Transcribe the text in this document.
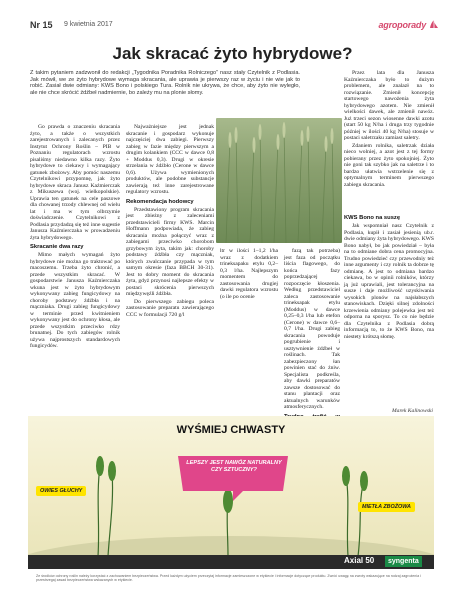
Nr 15 9 kwietnia 2017	agroporady
Jak skracać żyto hybrydowe?

Z takim pytaniem zadzwonił do redakcji „Tygodnika Poradnika Rolniczego” nasz stały Czytelnik z Podlasia. Jak mówił, we ze żyto hybrydowe wymaga skracania, ale uprawia je pierwszy raz w życiu i nie wie jak to robić. Zasiał dwie odmiany: KWS Bono i polskiego Tura. Rolnik nie ukrywa, że chce, aby żyto nie wyległo, ale nie chce skrócić źdźbeł nadmiernie, bo zależy mu na plonie słomy.

Przez lata dla Janusza Kaźmierczaka było to dużym problemem, ale znalazł na to rozwiązanie. Zmienił koncepcję startowego nawożenia żyta hybrydowego azotem. Nie zmienił wielkości dawek, ale zmienił nawóz. Już trzeci sezon wiosenne dawki azotu (start 50 kg N/ha i druga trzy tygodnie później w ilości 40 kg N/ha) stosuje w postaci saletrzaku zamiast saletry.

Zdaniem rolnika, saletrzak działa nieco wolniej, a azot jest z tej formy pobierany przez żyto spokojniej. Żyto nie goni tak szybko jak na saletrze i to bardzo ułatwia wstrzelenie się z optymalnym terminem pierwszego zabiegu skracania.

Go prawda o znaczeniu skracania żyto, a także o wszystkich zarejestrowanych i zalecanych przez Instytut Ochrony Roślin – PIB w Poznaniu regulatorach wzrostu pisaliśmy niedawno kilka razy. Żyto hybrydowe to ciekawy i wymagający gatunek zbożowy. Aby pomóc naszemu Czytelnikowi przypomnę, jak żyto hybrydowe skraca Janusz Kaźmierczak z Mikuszewa (woj. wielkopolskie). Uprawia ten gatunek na cele paszowe dla chowanej trzody chlewnej od wielu lat i ma w tym olbrzymie doświadczenie. Czytelnikowi z Podlasia przydadzą się też inne sugestie Janusza Kaźmierczaka w prowadzeniu żyta hybrydowego.

Skracanie dwa razy

Mimo małych wymagań żyto hybrydowe nie można go traktować po macoszemu. Trzeba żyto chronić, a przede wszystkim skracać. W gospodarstwie Janusza Kaźmierczaka wkuna jest w żyto hybrydowym wykonywany zabieg fungicydowy na choroby podstawy źdźbła i na mączniaka. Drugi zabieg fungicydowy w terminie przed kwitnieniem wykonywany jest do ochrony kłosa, ale przede wszystkim przeciwko rdzy brunatnej. Do tych zabiegów rolnik używa najprostszych standardowych fungicydów.

Najważniejsze jest jednak skracanie i gospodarz wykonuje najczęściej dwa zabiegi. Pierwszy zabieg w fazie między pierwszym a drugim kolankiem (CCC w dawce 0,8 + Moddus 0,3). Drugi w okresie strzelania w źdźbło (Cerone w dawce 0,6). Używa wymienionych produktów, ale podobne substancje zawierają też inne zarejestrowane regulatory wzrostu.

Rekomendacja hodowcy

Przedstawiony program skracania jest zbieżny z zaleceniami przedstawicieli firmy KWS. Marcin Hoffmann podpowiada, że zabieg skracania można połączyć wraz z zabiegami przeciwko chorobom grzybowym żyta, takim jak: choroby podstawy źdźbła czy mączniak, których zwalczanie przypada w tym samym okresie (faza BBCH 30-31). Jest to dobry moment do skracania żyta, gdyż przynosi najlepsze efekty w postaci skrócenia pierwszych międzywęźli źdźbła.

Do pierwszego zabiegu poleca zastosowanie preparatu zawierającego CCC w formulacji 720 g/l

ltr w ilości 1–1,2 l/ha wraz z dodatkiem trineksapaku etylu 0,2–0,3 l/ha. Najlepszym momentem do zastosowania drugiej dawki regulatora wzrostu (o ile po ocenie

fazą tak potrzeba) jest faza od początku liścia flagowego, do końca fazy poprzedzającej rozpoczęcie kłoszenia. Według przedstawiciel zaleca zastosowanie trineksapak etylu (Moddus) w dawce 0,25–0,3 l/ha lub etefon (Cerone) w dawce 0,6–0,7 l/ha. Drugi zabieg skracania powoduje pogrubienie i usztywnienie źdźbeł w roślinach. Tak zabezpieczony łan powinien stać do żniw. Specjalista podkreśla, aby dawki preparatów zawsze dostosować do stanu plantacji oraz aktualnych warunków atmosferycznych.

KWS Bono na suszę

Jak wspomniał nasz Czytelnik z Podlasia, kupił i zasiał jesienią ub.r. dwie odmiany żyta hybrydowego. KWS Bono nabył, bo jak powiedział – była na to odmiane dobra cena promocyjna. Trudno powiedzieć czy przewodniy też inne argumenty i czy rolnik ta dobrze tę odmianę. A jest to odmiana bardzo ciekawa, bo w opinii rolników, którzy ją już uprawiali, jest tolerancyjna na susze i daje możliwość uzyskiwania wysokich plonów na najsłabszych stanowiskach. Dzięki silnej zdolności krzewienia odmiany polejewka jest też odporna na sporysz. To co nie będzie dla Czytelnika z Podlasia dobrą informacją to, to że KWS Bono, ma niestety krótszą słomę.

Marek Kalinowski
WYŚMIEJ CHWASTY
LEPSZY JEST NAWÓZ NATURALNY CZY SZTUCZNY?
OWIES GŁUCHY
MIETŁA ZBOŻOWA
Axial 50	syngenta
Ze środków ochrony roślin należy korzystać z zachowaniem bezpieczeństwa. Przed każdym użyciem przeczytaj informacje zamieszczone w etykiecie i informacje dotyczące produktu. Zwróć uwagę na zwroty wskazujące na rodzaj zagrożenia i przestrzegaj zasad bezpieczeństwa wskazanych w etykiecie.
